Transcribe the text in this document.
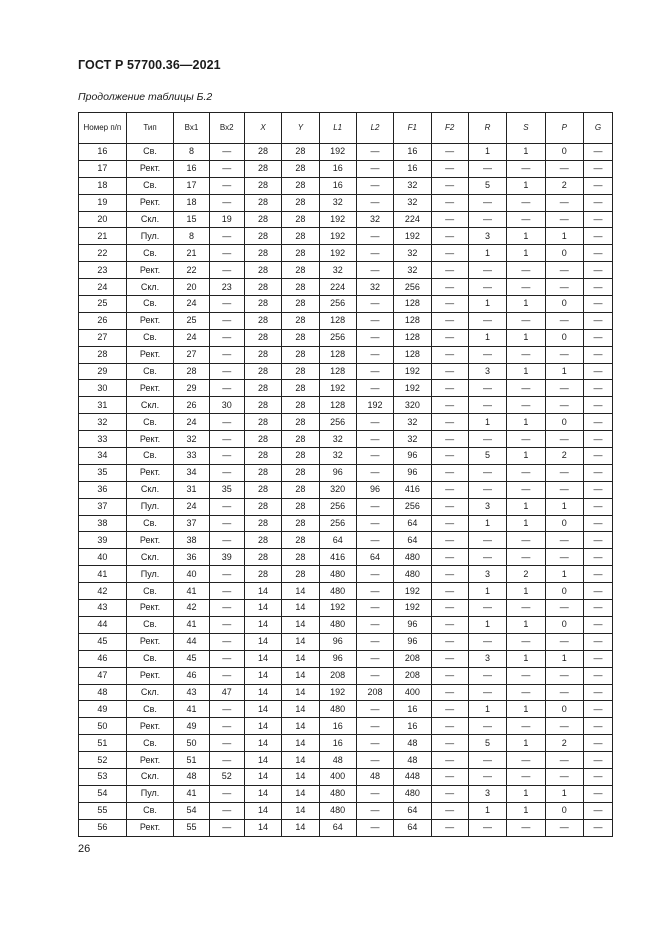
ГОСТ Р 57700.36—2021
Продолжение таблицы Б.2
Номер п/п	Тип	Вх1	Вх2	X	Y	L1	L2	F1	F2	R	S	P	G
16	Св.	8	—	28	28	192	—	16	—	1	1	0	—
17	Рект.	16	—	28	28	16	—	16	—	—	—	—	—
18	Св.	17	—	28	28	16	—	32	—	5	1	2	—
19	Рект.	18	—	28	28	32	—	32	—	—	—	—	—
20	Скл.	15	19	28	28	192	32	224	—	—	—	—	—
21	Пул.	8	—	28	28	192	—	192	—	3	1	1	—
22	Св.	21	—	28	28	192	—	32	—	1	1	0	—
23	Рект.	22	—	28	28	32	—	32	—	—	—	—	—
24	Скл.	20	23	28	28	224	32	256	—	—	—	—	—
25	Св.	24	—	28	28	256	—	128	—	1	1	0	—
26	Рект.	25	—	28	28	128	—	128	—	—	—	—	—
27	Св.	24	—	28	28	256	—	128	—	1	1	0	—
28	Рект.	27	—	28	28	128	—	128	—	—	—	—	—
29	Св.	28	—	28	28	128	—	192	—	3	1	1	—
30	Рект.	29	—	28	28	192	—	192	—	—	—	—	—
31	Скл.	26	30	28	28	128	192	320	—	—	—	—	—
32	Св.	24	—	28	28	256	—	32	—	1	1	0	—
33	Рект.	32	—	28	28	32	—	32	—	—	—	—	—
34	Св.	33	—	28	28	32	—	96	—	5	1	2	—
35	Рект.	34	—	28	28	96	—	96	—	—	—	—	—
36	Скл.	31	35	28	28	320	96	416	—	—	—	—	—
37	Пул.	24	—	28	28	256	—	256	—	3	1	1	—
38	Св.	37	—	28	28	256	—	64	—	1	1	0	—
39	Рект.	38	—	28	28	64	—	64	—	—	—	—	—
40	Скл.	36	39	28	28	416	64	480	—	—	—	—	—
41	Пул.	40	—	28	28	480	—	480	—	3	2	1	—
42	Св.	41	—	14	14	480	—	192	—	1	1	0	—
43	Рект.	42	—	14	14	192	—	192	—	—	—	—	—
44	Св.	41	—	14	14	480	—	96	—	1	1	0	—
45	Рект.	44	—	14	14	96	—	96	—	—	—	—	—
46	Св.	45	—	14	14	96	—	208	—	3	1	1	—
47	Рект.	46	—	14	14	208	—	208	—	—	—	—	—
48	Скл.	43	47	14	14	192	208	400	—	—	—	—	—
49	Св.	41	—	14	14	480	—	16	—	1	1	0	—
50	Рект.	49	—	14	14	16	—	16	—	—	—	—	—
51	Св.	50	—	14	14	16	—	48	—	5	1	2	—
52	Рект.	51	—	14	14	48	—	48	—	—	—	—	—
53	Скл.	48	52	14	14	400	48	448	—	—	—	—	—
54	Пул.	41	—	14	14	480	—	480	—	3	1	1	—
55	Св.	54	—	14	14	480	—	64	—	1	1	0	—
56	Рект.	55	—	14	14	64	—	64	—	—	—	—	—
26
